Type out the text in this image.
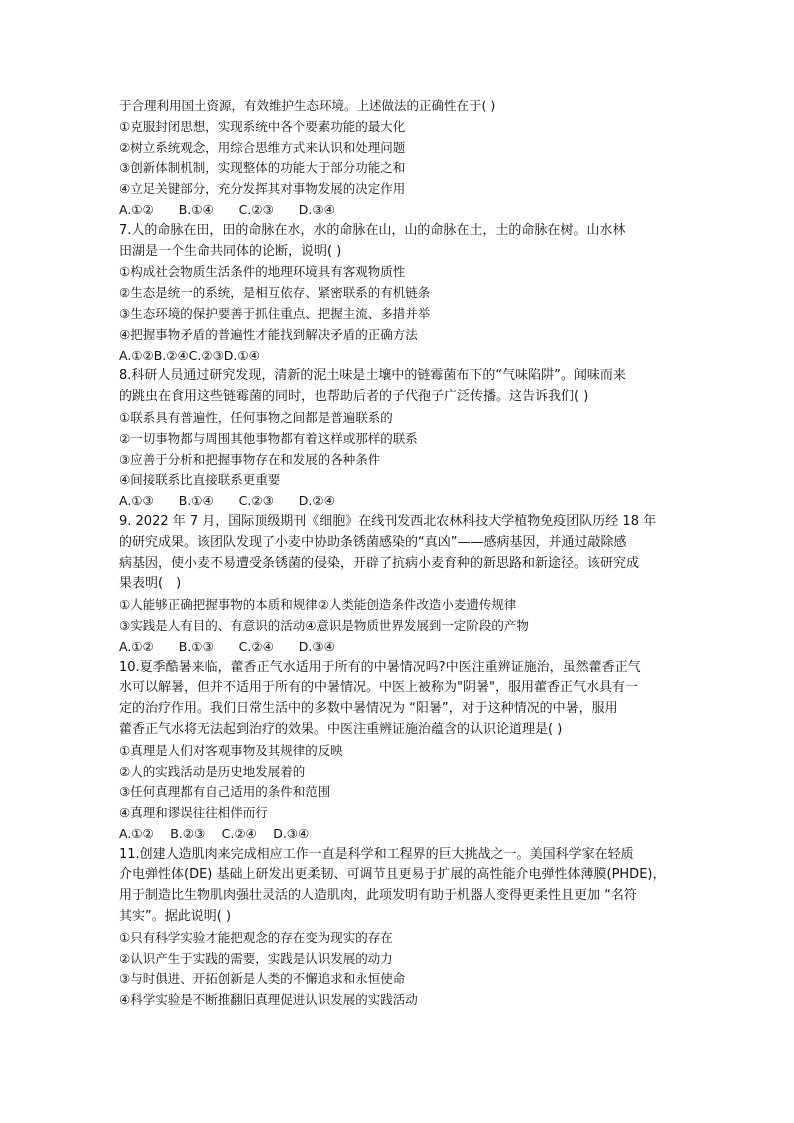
于合理利用国土资源，有效维护生态环境。上述做法的正确性在于( )
①克服封闭思想，实现系统中各个要素功能的最大化
②树立系统观念，用综合思维方式来认识和处理问题
③创新体制机制，实现整体的功能大于部分功能之和
④立足关键部分，充分发挥其对事物发展的决定作用
A.①②　　B.①④　　C.②③　　D.③④
7.人的命脉在田，田的命脉在水，水的命脉在山，山的命脉在土，土的命脉在树。山水林
田湖是一个生命共同体的论断，说明( )
①构成社会物质生活条件的地理环境具有客观物质性
②生态是统一的系统，是相互依存、紧密联系的有机链条
③生态环境的保护要善于抓住重点、把握主流、多措并举
④把握事物矛盾的普遍性才能找到解决矛盾的正确方法
A.①②B.②④C.②③D.①④
8.科研人员通过研究发现，清新的泥土味是土壤中的链霉菌布下的“气味陷阱”。闻味而来
的跳虫在食用这些链霉菌的同时，也帮助后者的子代孢子广泛传播。这告诉我们( )
①联系具有普遍性，任何事物之间都是普遍联系的
②一切事物都与周围其他事物都有着这样或那样的联系
③应善于分析和把握事物存在和发展的各种条件
④间接联系比直接联系更重要
A.①③　　B.①④　　C.②③　　D.②④
9. 2022 年 7 月，国际顶级期刊《细胞》在线刊发西北农林科技大学植物免疫团队历经 18 年
的研究成果。该团队发现了小麦中协助条锈菌感染的“真凶”——感病基因，并通过敲除感
病基因，使小麦不易遭受条锈菌的侵染，开辟了抗病小麦育种的新思路和新途径。该研究成
果表明(　)
①人能够正确把握事物的本质和规律②人类能创造条件改造小麦遗传规律
③实践是人有目的、有意识的活动④意识是物质世界发展到一定阶段的产物
A.①②　　B.①③　　C.②④　　D.③④
10.夏季酷暑来临，藿香正气水适用于所有的中暑情况吗?中医注重辨证施治，虽然藿香正气
水可以解暑，但并不适用于所有的中暑情况。中医上被称为"阴暑"，服用藿香正气水具有一
定的治疗作用。我们日常生活中的多数中暑情况为 “阳暑”，对于这种情况的中暑，服用
藿香正气水将无法起到治疗的效果。中医注重辨证施治蕴含的认识论道理是( )
①真理是人们对客观事物及其规律的反映
②人的实践活动是历史地发展着的
③任何真理都有自己适用的条件和范围
④真理和谬误往往相伴而行
A.①②　 B.②③　 C.②④　 D.③④
11.创建人造肌肉来完成相应工作一直是科学和工程界的巨大挑战之一。美国科学家在轻质
介电弹性体(DE) 基础上研发出更柔韧、可调节且更易于扩展的高性能介电弹性体薄膜(PHDE)，
用于制造比生物肌肉强壮灵活的人造肌肉，此项发明有助于机器人变得更柔性且更加 “名符
其实”。据此说明( )
①只有科学实验才能把观念的存在变为现实的存在
②认识产生于实践的需要，实践是认识发展的动力
③与时俱进、开拓创新是人类的不懈追求和永恒使命
④科学实验是不断推翻旧真理促进认识发展的实践活动
